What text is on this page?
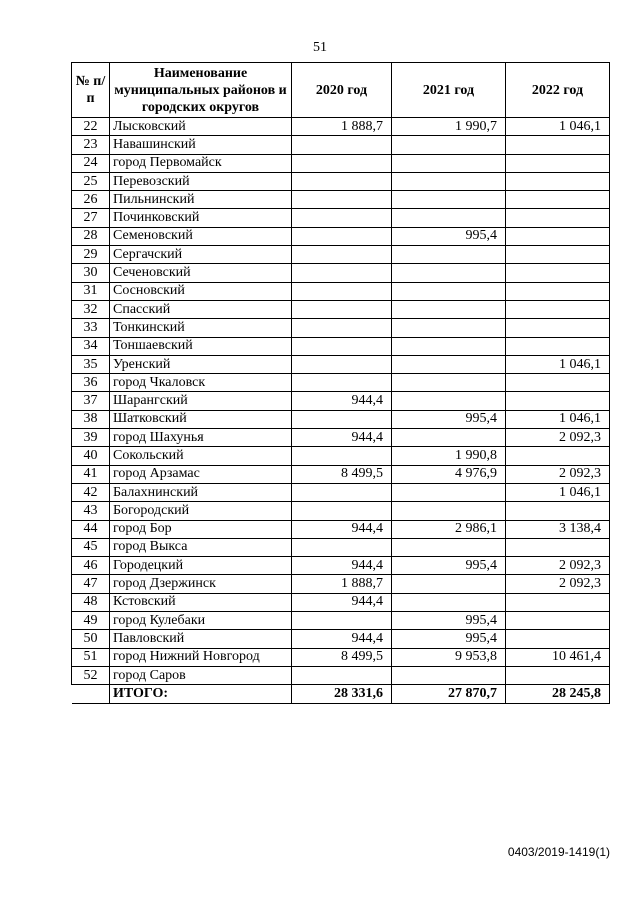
51
№ п/п	Наименование муниципальных районов и городских округов	2020 год	2021 год	2022 год
22	Лысковский	1 888,7	1 990,7	1 046,1
23	Навашинский			
24	город Первомайск			
25	Перевозский			
26	Пильнинский			
27	Починковский			
28	Семеновский		995,4	
29	Сергачский			
30	Сеченовский			
31	Сосновский			
32	Спасский			
33	Тонкинский			
34	Тоншаевский			
35	Уренский			1 046,1
36	город Чкаловск			
37	Шарангский	944,4		
38	Шатковский		995,4	1 046,1
39	город Шахунья	944,4		2 092,3
40	Сокольский		1 990,8	
41	город Арзамас	8 499,5	4 976,9	2 092,3
42	Балахнинский			1 046,1
43	Богородский			
44	город Бор	944,4	2 986,1	3 138,4
45	город Выкса			
46	Городецкий	944,4	995,4	2 092,3
47	город Дзержинск	1 888,7		2 092,3
48	Кстовский	944,4		
49	город Кулебаки		995,4	
50	Павловский	944,4	995,4	
51	город Нижний Новгород	8 499,5	9 953,8	10 461,4
52	город Саров			
	ИТОГО:	28 331,6	27 870,7	28 245,8
0403/2019-1419(1)
